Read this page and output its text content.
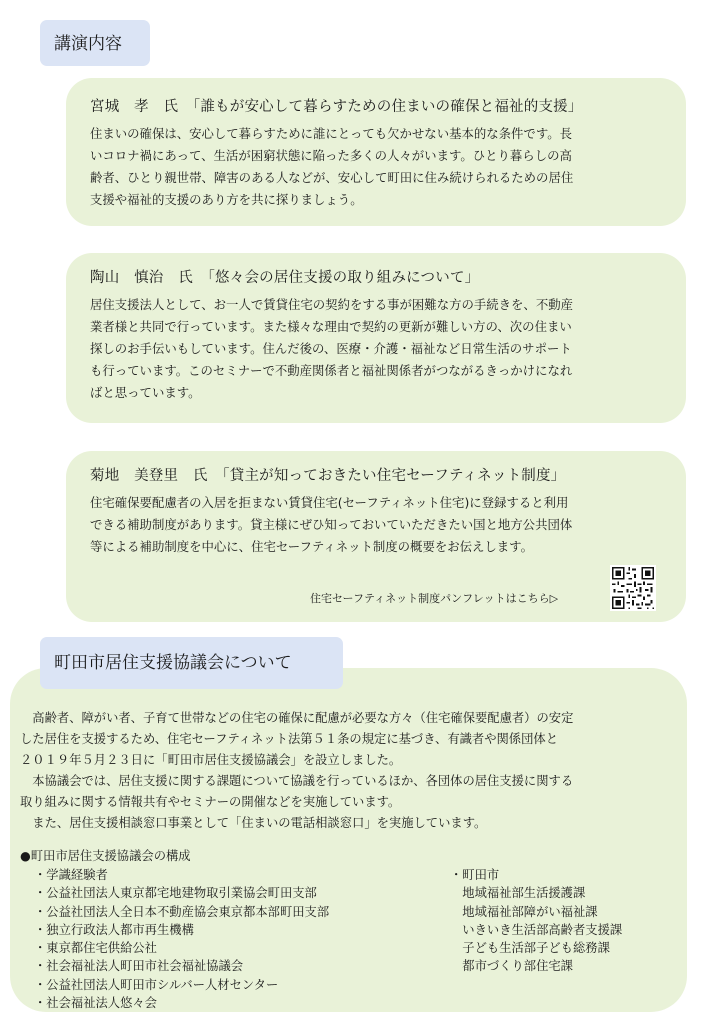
講演内容
宮城　孝　氏　「誰もが安心して暮らすための住まいの確保と福祉的支援」
住まいの確保は、安心して暮らすために誰にとっても欠かせない基本的な条件です。長
いコロナ禍にあって、生活が困窮状態に陥った多くの人々がいます。ひとり暮らしの高
齢者、ひとり親世帯、障害のある人などが、安心して町田に住み続けられるための居住
支援や福祉的支援のあり方を共に探りましょう。
陶山　慎治　氏　「悠々会の居住支援の取り組みについて」
居住支援法人として、お一人で賃貸住宅の契約をする事が困難な方の手続きを、不動産
業者様と共同で行っています。また様々な理由で契約の更新が難しい方の、次の住まい
探しのお手伝いもしています。住んだ後の、医療・介護・福祉など日常生活のサポート
も行っています。このセミナーで不動産関係者と福祉関係者がつながるきっかけになれ
ばと思っています。
菊地　美登里　氏　「貸主が知っておきたい住宅セーフティネット制度」
住宅確保要配慮者の入居を拒まない賃貸住宅(セーフティネット住宅)に登録すると利用
できる補助制度があります。貸主様にぜひ知っておいていただきたい国と地方公共団体
等による補助制度を中心に、住宅セーフティネット制度の概要をお伝えします。
住宅セーフティネット制度パンフレットはこちら▷
　高齢者、障がい者、子育て世帯などの住宅の確保に配慮が必要な方々（住宅確保要配慮者）の安定
した居住を支援するため、住宅セーフティネット法第５１条の規定に基づき、有識者や関係団体と
２０１９年５月２３日に「町田市居住支援協議会」を設立しました。
　本協議会では、居住支援に関する課題について協議を行っているほか、各団体の居住支援に関する
取り組みに関する情報共有やセミナーの開催などを実施しています。
　また、居住支援相談窓口事業として「住まいの電話相談窓口」を実施しています。
●町田市居住支援協議会の構成
・学識経験者
・公益社団法人東京都宅地建物取引業協会町田支部
・公益社団法人全日本不動産協会東京都本部町田支部
・独立行政法人都市再生機構
・東京都住宅供給公社
・社会福祉法人町田市社会福祉協議会
・公益社団法人町田市シルバー人材センター
・社会福祉法人悠々会
・町田市
　地域福祉部生活援護課
　地域福祉部障がい福祉課
　いきいき生活部高齢者支援課
　子ども生活部子ども総務課
　都市づくり部住宅課
町田市居住支援協議会について
